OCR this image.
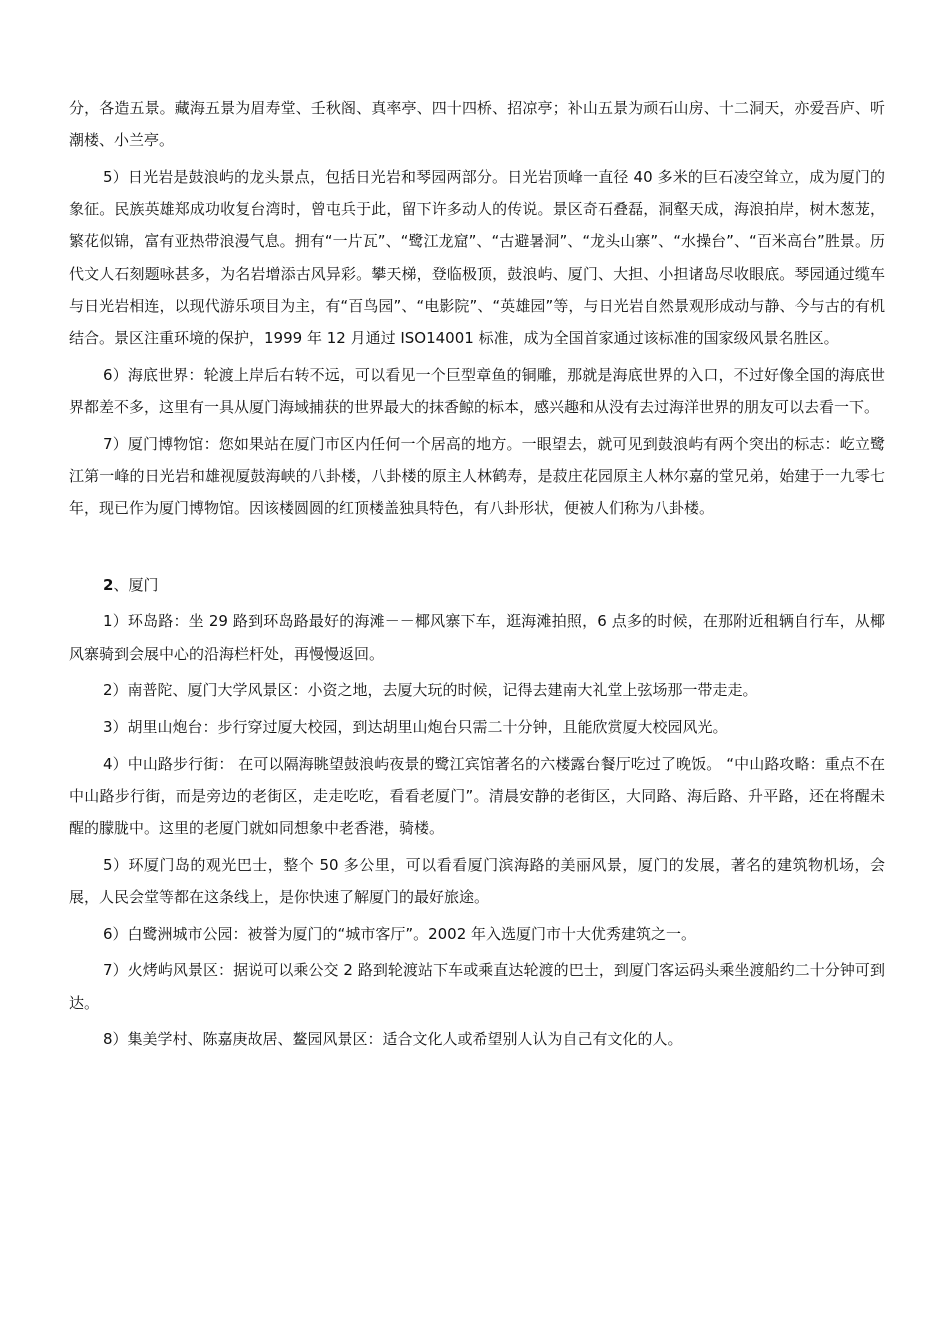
分，各造五景。藏海五景为眉寿堂、壬秋阁、真率亭、四十四桥、招凉亭；补山五景为顽石山房、十二洞天，亦爱吾庐、听潮楼、小兰亭。

5）日光岩是鼓浪屿的龙头景点，包括日光岩和琴园两部分。日光岩顶峰一直径 40 多米的巨石凌空耸立，成为厦门的象征。民族英雄郑成功收复台湾时，曾屯兵于此，留下许多动人的传说。景区奇石叠磊，洞壑天成，海浪拍岸，树木葱茏，繁花似锦，富有亚热带浪漫气息。拥有“一片瓦”、“鹭江龙窟”、“古避暑洞”、“龙头山寨”、“水操台”、“百米高台”胜景。历代文人石刻题咏甚多，为名岩增添古风异彩。攀天梯，登临极顶，鼓浪屿、厦门、大担、小担诸岛尽收眼底。琴园通过缆车与日光岩相连，以现代游乐项目为主，有“百鸟园”、“电影院”、“英雄园”等，与日光岩自然景观形成动与静、今与古的有机结合。景区注重环境的保护，1999 年 12 月通过 ISO14001 标准，成为全国首家通过该标准的国家级风景名胜区。

6）海底世界：轮渡上岸后右转不远，可以看见一个巨型章鱼的铜雕，那就是海底世界的入口，不过好像全国的海底世界都差不多，这里有一具从厦门海域捕获的世界最大的抹香鲸的标本，感兴趣和从没有去过海洋世界的朋友可以去看一下。

7）厦门博物馆：您如果站在厦门市区内任何一个居高的地方。一眼望去，就可见到鼓浪屿有两个突出的标志：屹立鹭江第一峰的日光岩和雄视厦鼓海峡的八卦楼，八卦楼的原主人林鹤寿，是菽庄花园原主人林尔嘉的堂兄弟，始建于一九零七年，现已作为厦门博物馆。因该楼圆圆的红顶楼盖独具特色，有八卦形状，便被人们称为八卦楼。

2、厦门

1）环岛路：坐 29 路到环岛路最好的海滩－－椰风寨下车，逛海滩拍照，6 点多的时候，在那附近租辆自行车，从椰风寨骑到会展中心的沿海栏杆处，再慢慢返回。

2）南普陀、厦门大学风景区：小资之地，去厦大玩的时候，记得去建南大礼堂上弦场那一带走走。

3）胡里山炮台：步行穿过厦大校园，到达胡里山炮台只需二十分钟，且能欣赏厦大校园风光。

4）中山路步行街： 在可以隔海眺望鼓浪屿夜景的鹭江宾馆著名的六楼露台餐厅吃过了晚饭。 “中山路攻略：重点不在中山路步行街，而是旁边的老街区，走走吃吃，看看老厦门”。清晨安静的老街区，大同路、海后路、升平路，还在将醒未醒的朦胧中。这里的老厦门就如同想象中老香港，骑楼。

5）环厦门岛的观光巴士，整个 50 多公里，可以看看厦门滨海路的美丽风景，厦门的发展，著名的建筑物机场，会展，人民会堂等都在这条线上，是你快速了解厦门的最好旅途。

6）白鹭洲城市公园：被誉为厦门的“城市客厅”。2002 年入选厦门市十大优秀建筑之一。

7）火烤屿风景区：据说可以乘公交 2 路到轮渡站下车或乘直达轮渡的巴士，到厦门客运码头乘坐渡船约二十分钟可到达。

8）集美学村、陈嘉庚故居、鳌园风景区：适合文化人或希望别人认为自己有文化的人。
